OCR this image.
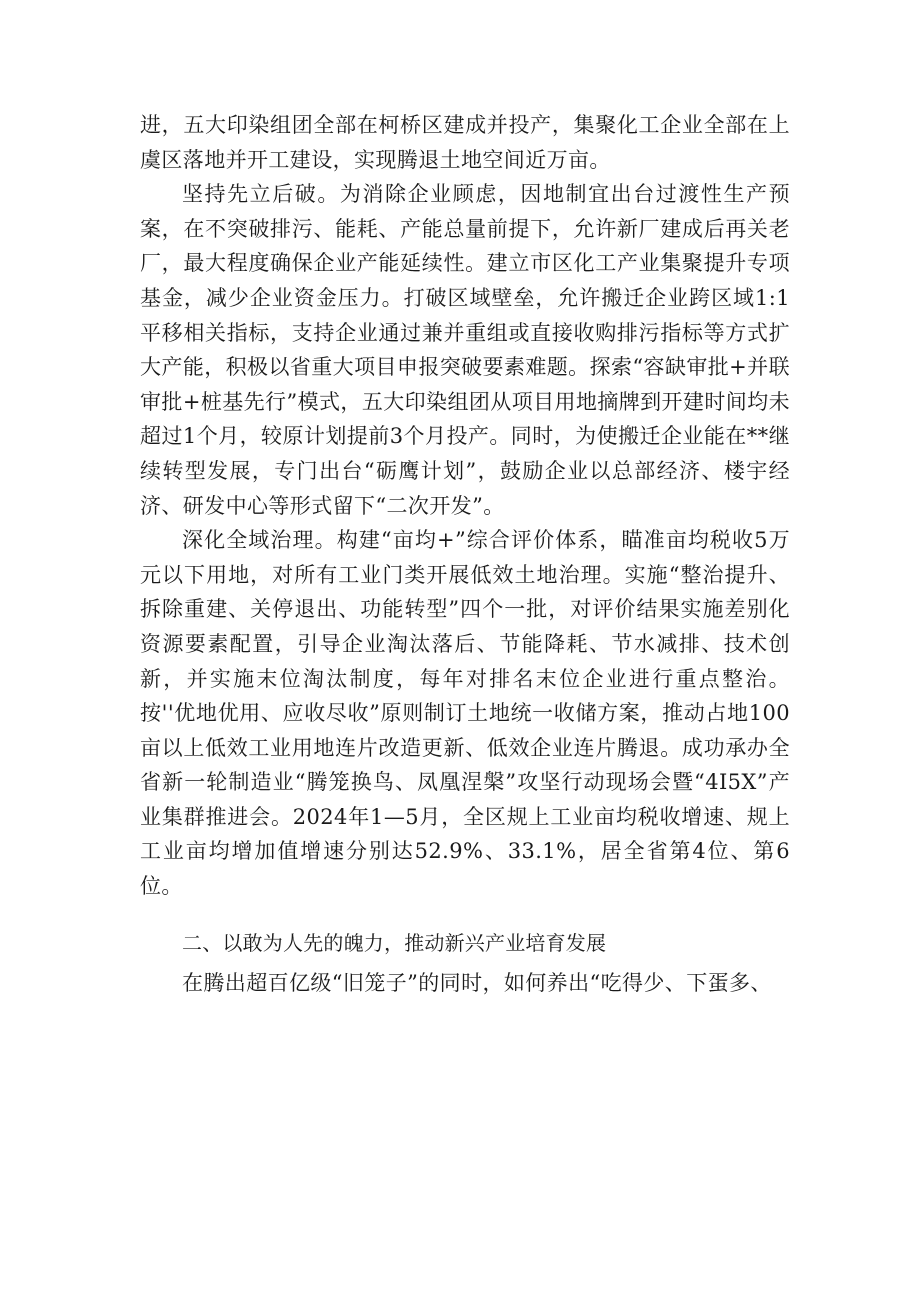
进，五大印染组团全部在柯桥区建成并投产，集聚化工企业全部在上虞区落地并开工建设，实现腾退土地空间近万亩。

坚持先立后破。为消除企业顾虑，因地制宜出台过渡性生产预案，在不突破排污、能耗、产能总量前提下，允许新厂建成后再关老厂，最大程度确保企业产能延续性。建立市区化工产业集聚提升专项基金，减少企业资金压力。打破区域壁垒，允许搬迁企业跨区域1:1平移相关指标，支持企业通过兼并重组或直接收购排污指标等方式扩大产能，积极以省重大项目申报突破要素难题。探索“容缺审批+并联审批+桩基先行”模式，五大印染组团从项目用地摘牌到开建时间均未超过1个月，较原计划提前3个月投产。同时，为使搬迁企业能在**继续转型发展，专门出台“砺鹰计划”，鼓励企业以总部经济、楼宇经济、研发中心等形式留下“二次开发”。

深化全域治理。构建“亩均+”综合评价体系，瞄准亩均税收5万元以下用地，对所有工业门类开展低效土地治理。实施“整治提升、拆除重建、关停退出、功能转型”四个一批，对评价结果实施差别化资源要素配置，引导企业淘汰落后、节能降耗、节水减排、技术创新，并实施末位淘汰制度，每年对排名末位企业进行重点整治。按''优地优用、应收尽收”原则制订土地统一收储方案，推动占地100亩以上低效工业用地连片改造更新、低效企业连片腾退。成功承办全省新一轮制造业“腾笼换鸟、凤凰涅槃”攻坚行动现场会暨“4I5X”产业集群推进会。2024年1—5月，全区规上工业亩均税收增速、规上工业亩均增加值增速分别达52.9%、33.1%，居全省第4位、第6位。

二、以敢为人先的魄力，推动新兴产业培育发展

在腾出超百亿级“旧笼子”的同时，如何养出“吃得少、下蛋多、
